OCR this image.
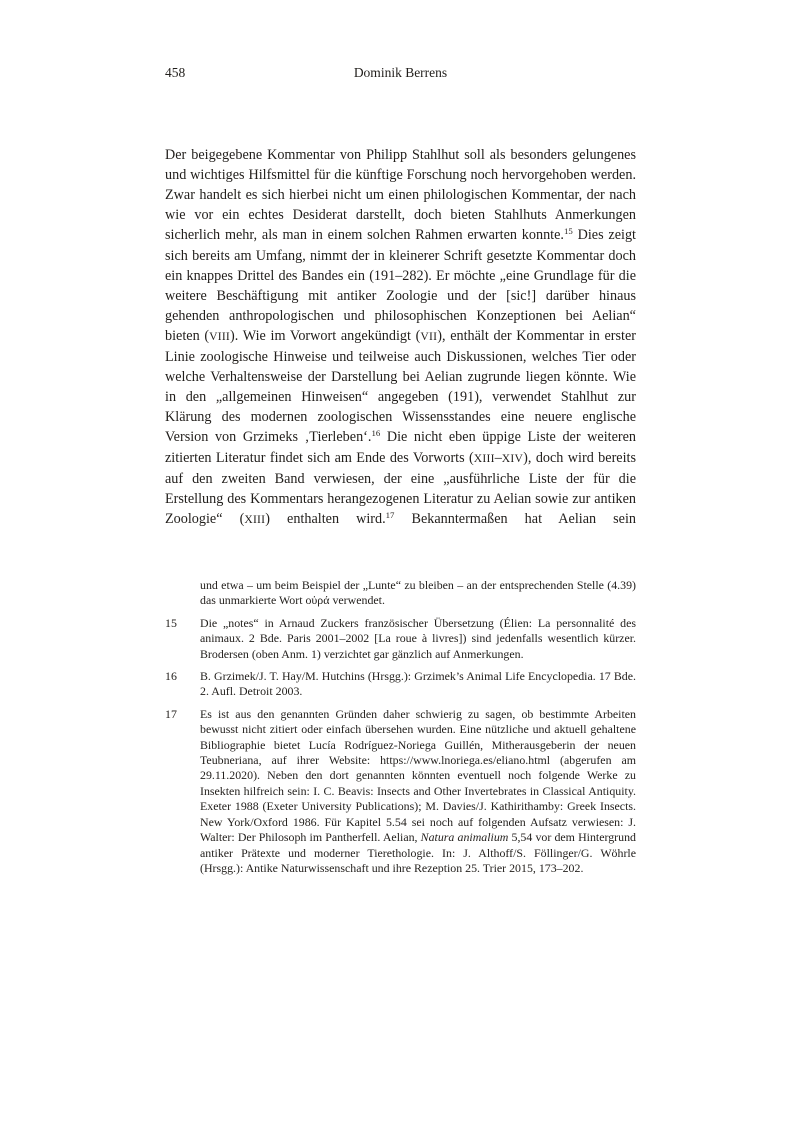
458	Dominik Berrens
Der beigegebene Kommentar von Philipp Stahlhut soll als besonders gelungenes und wichtiges Hilfsmittel für die künftige Forschung noch hervorgehoben werden. Zwar handelt es sich hierbei nicht um einen philologischen Kommentar, der nach wie vor ein echtes Desiderat darstellt, doch bieten Stahlhuts Anmerkungen sicherlich mehr, als man in einem solchen Rahmen erwarten konnte.$^{15}$ Dies zeigt sich bereits am Umfang, nimmt der in kleinerer Schrift gesetzte Kommentar doch ein knappes Drittel des Bandes ein (191–282). Er möchte „eine Grundlage für die weitere Beschäftigung mit antiker Zoologie und der [sic!] darüber hinaus gehenden anthropologischen und philosophischen Konzeptionen bei Aelian“ bieten (VIII). Wie im Vorwort angekündigt (VII), enthält der Kommentar in erster Linie zoologische Hinweise und teilweise auch Diskussionen, welches Tier oder welche Verhaltensweise der Darstellung bei Aelian zugrunde liegen könnte. Wie in den „allgemeinen Hinweisen“ angegeben (191), verwendet Stahlhut zur Klärung des modernen zoologischen Wissensstandes eine neuere englische Version von Grzimeks ‚Tierleben‘.$^{16}$ Die nicht eben üppige Liste der weiteren zitierten Literatur findet sich am Ende des Vorworts (XIII–XIV), doch wird bereits auf den zweiten Band verwiesen, der eine „ausführliche Liste der für die Erstellung des Kommentars herangezogenen Literatur zu Aelian sowie zur antiken Zoologie“ (XIII) enthalten wird.$^{17}$ Bekanntermaßen hat Aelian sein
und etwa – um beim Beispiel der „Lunte“ zu bleiben – an der entsprechenden Stelle (4.39) das unmarkierte Wort οὐρά verwendet.
15	Die „notes“ in Arnaud Zuckers französischer Übersetzung (Élien: La personnalité des animaux. 2 Bde. Paris 2001–2002 [La roue à livres]) sind jedenfalls wesentlich kürzer. Brodersen (oben Anm. 1) verzichtet gar gänzlich auf Anmerkungen.
16	B. Grzimek/J. T. Hay/M. Hutchins (Hrsgg.): Grzimek’s Animal Life Encyclopedia. 17 Bde. 2. Aufl. Detroit 2003.
17	Es ist aus den genannten Gründen daher schwierig zu sagen, ob bestimmte Arbeiten bewusst nicht zitiert oder einfach übersehen wurden. Eine nützliche und aktuell gehaltene Bibliographie bietet Lucía Rodríguez-Noriega Guillén, Mitherausgeberin der neuen Teubneriana, auf ihrer Website: https://www.lnoriega.es/eliano.html (abgerufen am 29.11.2020). Neben den dort genannten könnten eventuell noch folgende Werke zu Insekten hilfreich sein: I. C. Beavis: Insects and Other Invertebrates in Classical Antiquity. Exeter 1988 (Exeter University Publications); M. Davies/J. Kathirithamby: Greek Insects. New York/Oxford 1986. Für Kapitel 5.54 sei noch auf folgenden Aufsatz verwiesen: J. Walter: Der Philosoph im Pantherfell. Aelian, Natura animalium 5,54 vor dem Hintergrund antiker Prätexte und moderner Tierethologie. In: J. Althoff/S. Föllinger/G. Wöhrle (Hrsgg.): Antike Naturwissenschaft und ihre Rezeption 25. Trier 2015, 173–202.
